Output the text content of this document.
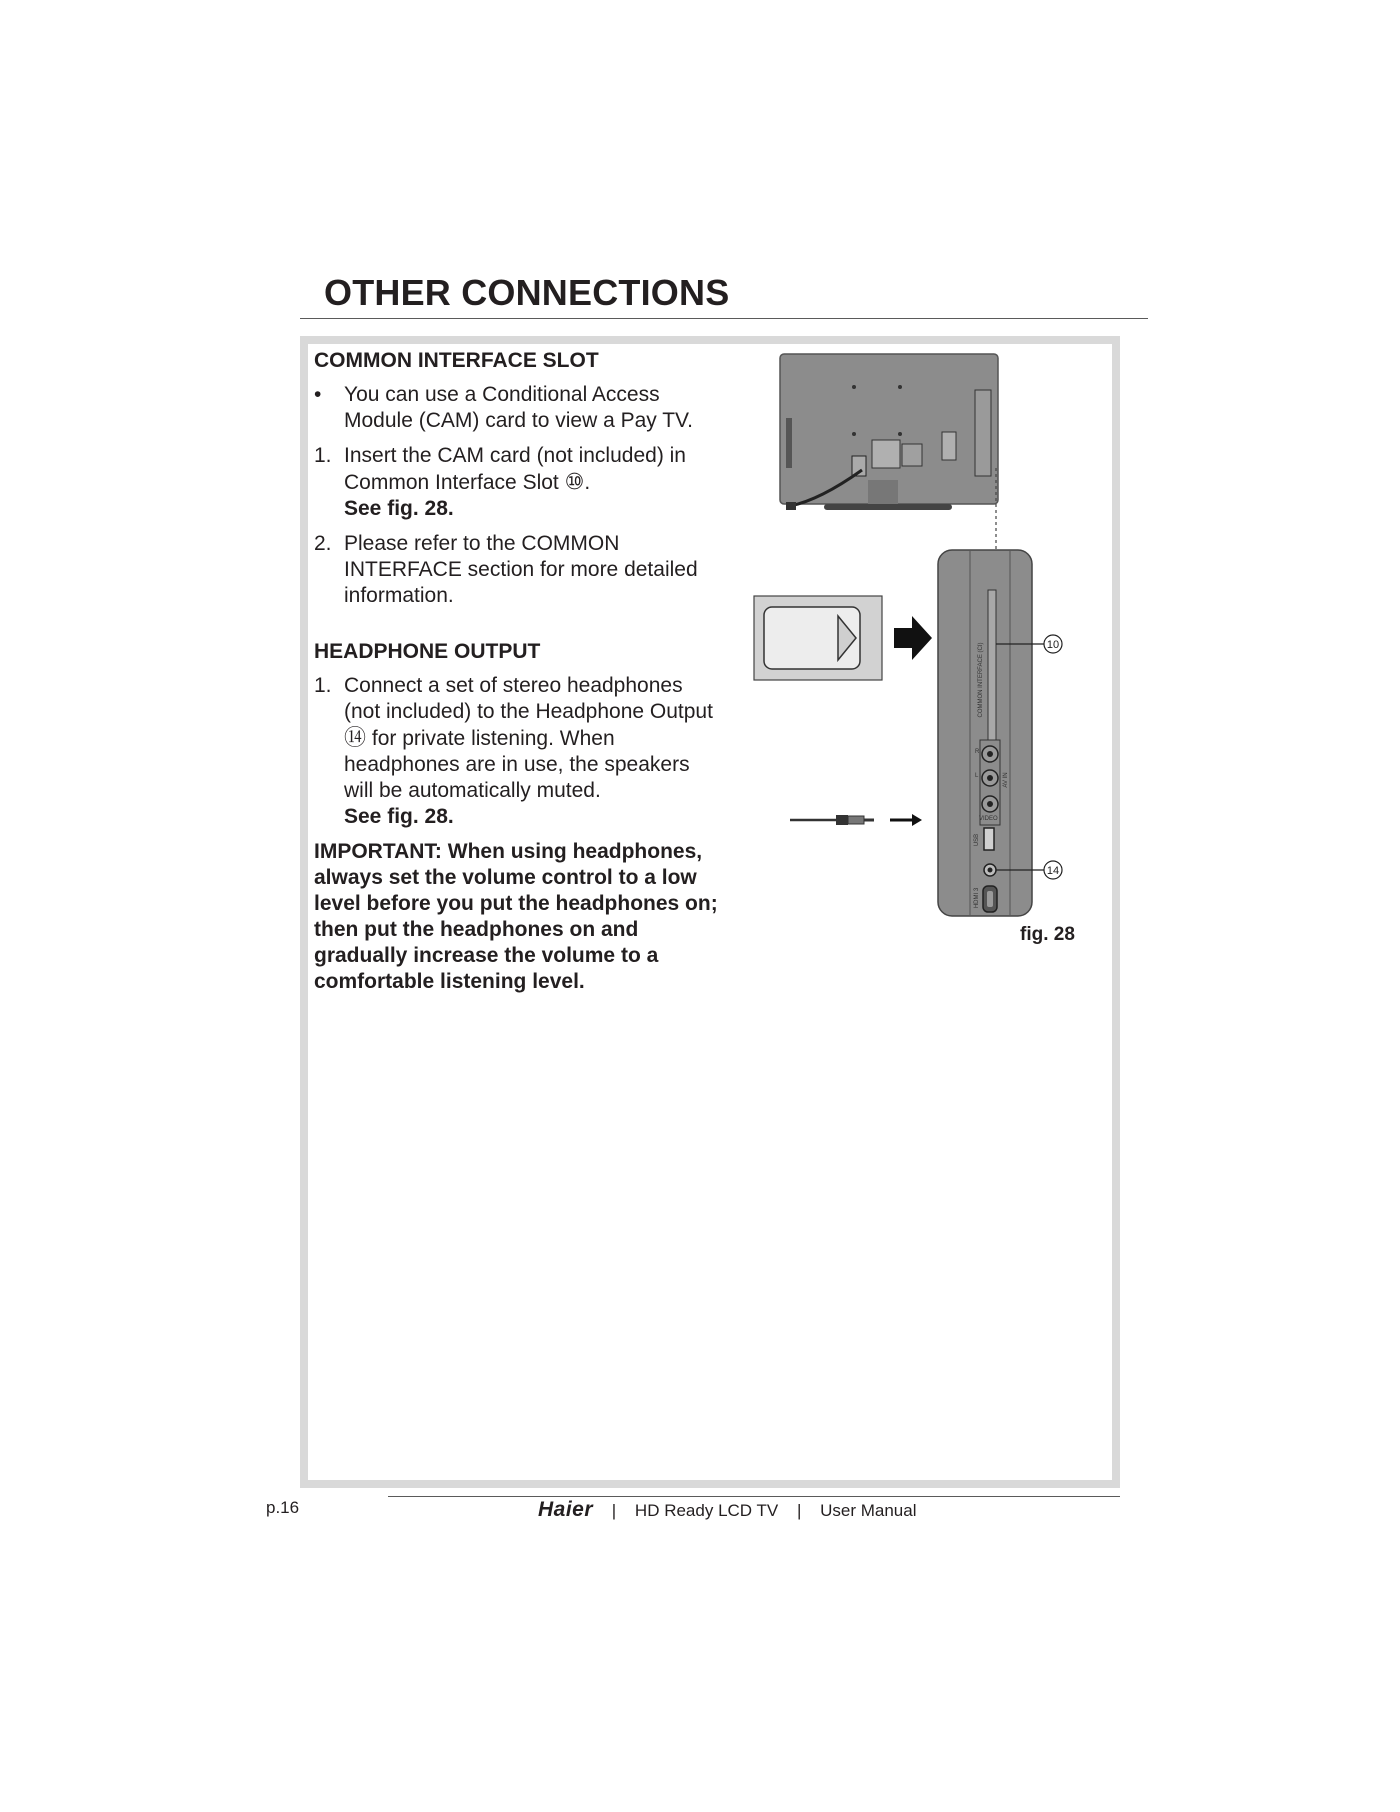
OTHER CONNECTIONS
COMMON INTERFACE SLOT
• You can use a Conditional Access Module (CAM) card to view a Pay TV.
1. Insert the CAM card (not included) in Common Interface Slot ⑩.
See fig. 28.
2. Please refer to the COMMON INTERFACE section for more detailed information.
HEADPHONE OUTPUT
1. Connect a set of stereo headphones (not included) to the Headphone Output ⑭ for private listening. When headphones are in use, the speakers will be automatically muted.
See fig. 28.

IMPORTANT: When using headphones, always set the volume control to a low level before you put the headphones on; then put the headphones on and gradually increase the volume to a comfortable listening level.

COMMON INTERFACE (CI)
R
L	AV IN
VIDEO
USB
HDMI 3
10
14
fig. 28
p.16	Haier | HD Ready LCD TV | User Manual
